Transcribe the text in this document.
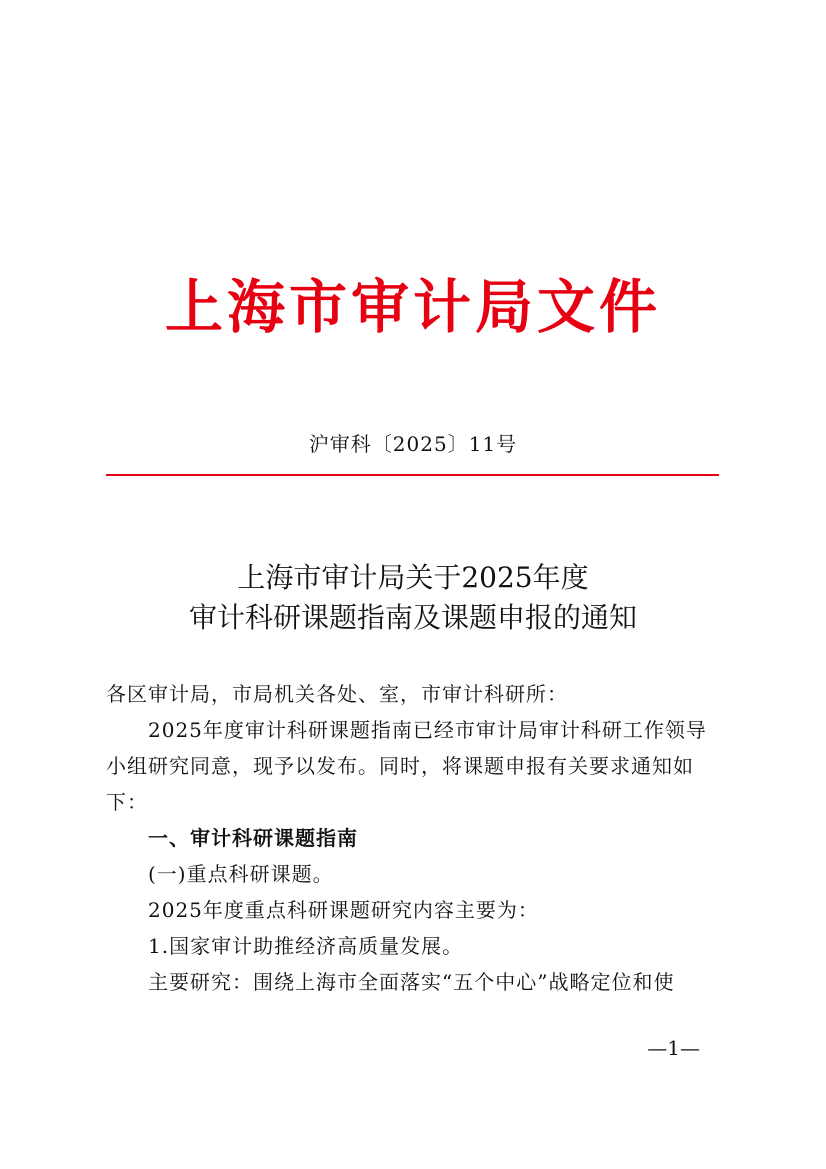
上海市审计局文件
沪审科〔2025〕11号
上海市审计局关于2025年度
审计科研课题指南及课题申报的通知

各区审计局，市局机关各处、室，市审计科研所：

2025年度审计科研课题指南已经市审计局审计科研工作领导小组研究同意，现予以发布。同时，将课题申报有关要求通知如下：

一、审计科研课题指南

(一)重点科研课题。

2025年度重点科研课题研究内容主要为：

1.国家审计助推经济高质量发展。

主要研究：围绕上海市全面落实“五个中心”战略定位和使

—1—
